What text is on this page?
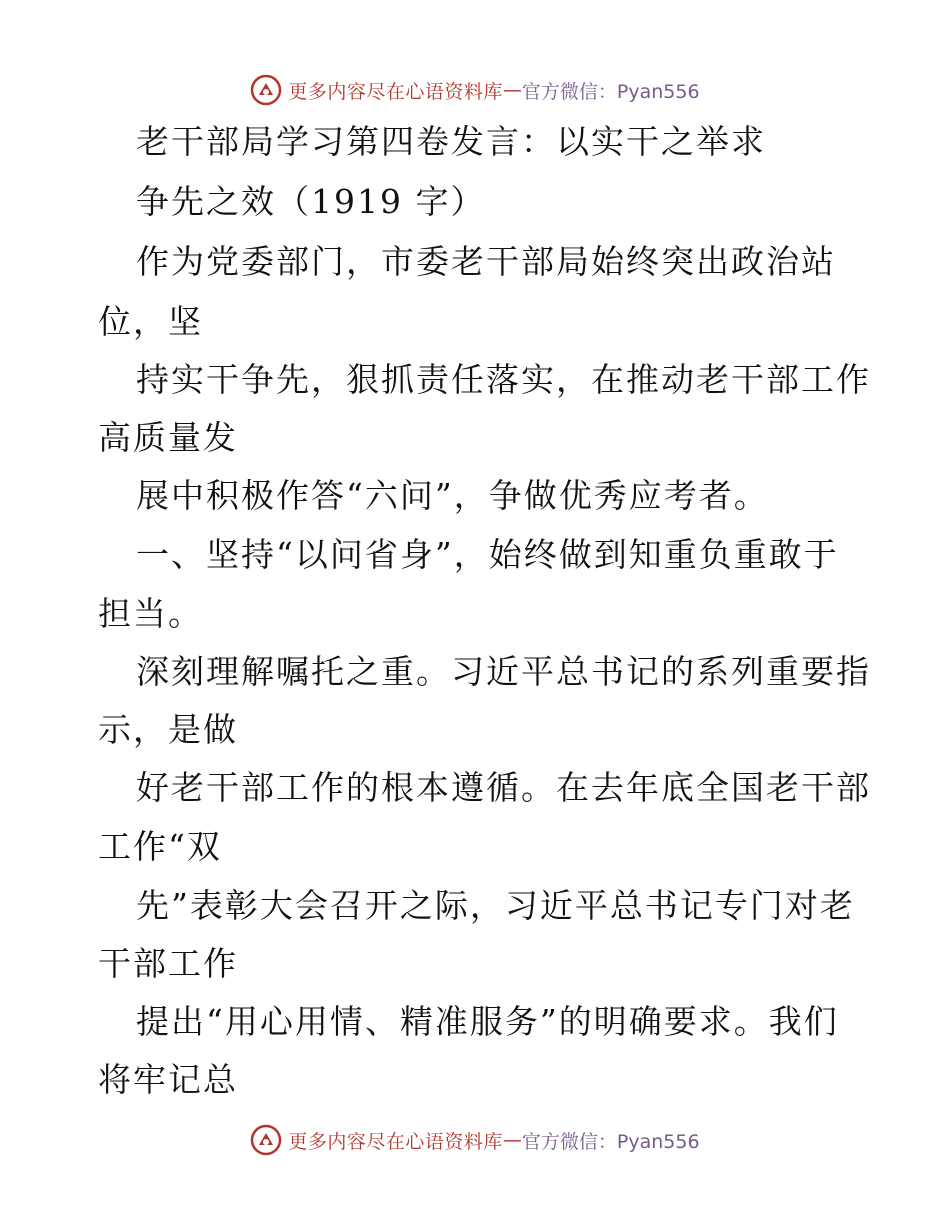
更多内容尽在心语资料库 — 官方微信：Pyan556
老干部局学习第四卷发言：以实干之举求
争先之效（1919 字）
作为党委部门，市委老干部局始终突出政治站
位，坚
持实干争先，狠抓责任落实，在推动老干部工作
高质量发
展中积极作答“六问”，争做优秀应考者。
一、坚持“以问省身”，始终做到知重负重敢于
担当。
深刻理解嘱托之重。习近平总书记的系列重要指
示，是做
好老干部工作的根本遵循。在去年底全国老干部
工作“双
先”表彰大会召开之际，习近平总书记专门对老
干部工作
提出“用心用情、精准服务”的明确要求。我们
将牢记总
更多内容尽在心语资料库 — 官方微信：Pyan556
